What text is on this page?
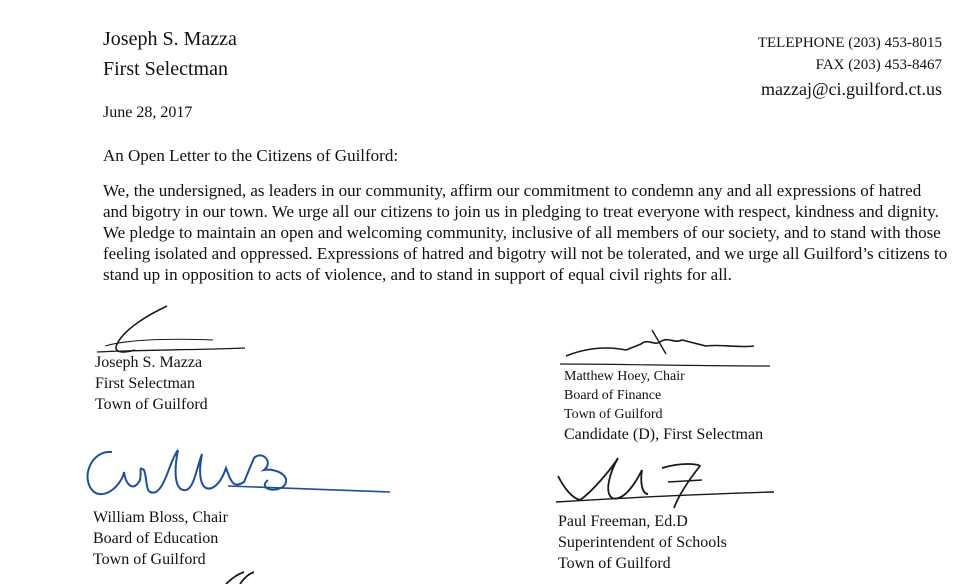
Joseph S. Mazza
First Selectman
TELEPHONE (203) 453-8015
FAX (203) 453-8467
mazzaj@ci.guilford.ct.us
June 28, 2017
An Open Letter to the Citizens of Guilford:
We, the undersigned, as leaders in our community, affirm our commitment to condemn any and all expressions of hatred and bigotry in our town. We urge all our citizens to join us in pledging to treat everyone with respect, kindness and dignity. We pledge to maintain an open and welcoming community, inclusive of all members of our society, and to stand with those feeling isolated and oppressed. Expressions of hatred and bigotry will not be tolerated, and we urge all Guilford’s citizens to stand up in opposition to acts of violence, and to stand in support of equal civil rights for all.
Joseph S. Mazza
First Selectman
Town of Guilford
Matthew Hoey, Chair
Board of Finance
Town of Guilford
Candidate (D), First Selectman
William Bloss, Chair
Board of Education
Town of Guilford
Paul Freeman, Ed.D
Superintendent of Schools
Town of Guilford
